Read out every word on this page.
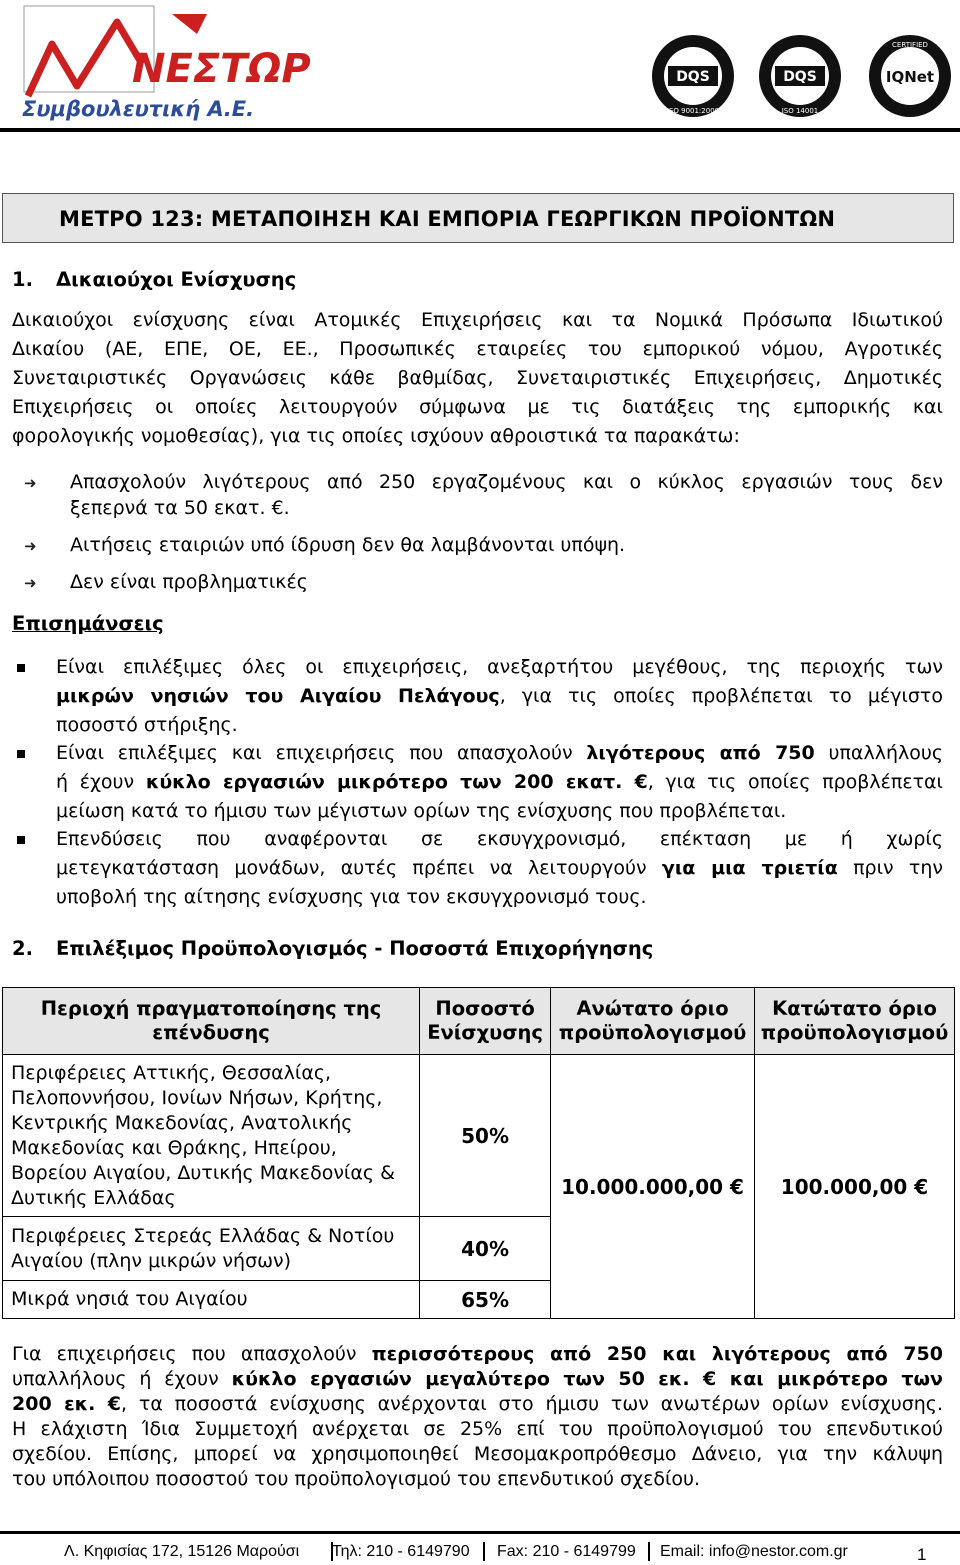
ΝΕΣΤΩΡ
Συμβουλευτική Α.Ε.
DQS
ISO 9001:2000
DQS
ISO 14001
IQNet
CERTIFIED
ΜΕΤΡΟ 123: ΜΕΤΑΠΟΙΗΣΗ ΚΑΙ ΕΜΠΟΡΙΑ ΓΕΩΡΓΙΚΩΝ ΠΡΟΪΟΝΤΩΝ
1. Δικαιούχοι Ενίσχυσης
Δικαιούχοι ενίσχυσης είναι Ατομικές Επιχειρήσεις και τα Νομικά Πρόσωπα Ιδιωτικού
Δικαίου (ΑΕ, ΕΠΕ, ΟΕ, ΕΕ., Προσωπικές εταιρείες του εμπορικού νόμου, Αγροτικές
Συνεταιριστικές Οργανώσεις κάθε βαθμίδας, Συνεταιριστικές Επιχειρήσεις, Δημοτικές
Επιχειρήσεις οι οποίες λειτουργούν σύμφωνα με τις διατάξεις της εμπορικής και
φορολογικής νομοθεσίας), για τις οποίες ισχύουν αθροιστικά τα παρακάτω:
➜ Απασχολούν λιγότερους από 250 εργαζομένους και ο κύκλος εργασιών τους δεν
ξεπερνά τα 50 εκατ. €.
➜ Αιτήσεις εταιριών υπό ίδρυση δεν θα λαμβάνονται υπόψη.
➜ Δεν είναι προβληματικές
Επισημάνσεις
Είναι επιλέξιμες όλες οι επιχειρήσεις, ανεξαρτήτου μεγέθους, της περιοχής των
μικρών νησιών του Αιγαίου Πελάγους, για τις οποίες προβλέπεται το μέγιστο
ποσοστό στήριξης.
Είναι επιλέξιμες και επιχειρήσεις που απασχολούν λιγότερους από 750 υπαλλήλους
ή έχουν κύκλο εργασιών μικρότερο των 200 εκατ. €, για τις οποίες προβλέπεται
μείωση κατά το ήμισυ των μέγιστων ορίων της ενίσχυσης που προβλέπεται.
Επενδύσεις που αναφέρονται σε εκσυγχρονισμό, επέκταση με ή χωρίς
μετεγκατάσταση μονάδων, αυτές πρέπει να λειτουργούν για μια τριετία πριν την
υποβολή της αίτησης ενίσχυσης για τον εκσυγχρονισμό τους.
2. Επιλέξιμος Προϋπολογισμός - Ποσοστά Επιχορήγησης
Περιοχή πραγματοποίησης της επένδυσης	Ποσοστό Ενίσχυσης	Ανώτατο όριο προϋπολογισμού	Κατώτατο όριο προϋπολογισμού
Περιφέρειες Αττικής, Θεσσαλίας, Πελοποννήσου, Ιονίων Νήσων, Κρήτης, Κεντρικής Μακεδονίας, Ανατολικής Μακεδονίας και Θράκης, Ηπείρου, Βορείου Αιγαίου, Δυτικής Μακεδονίας & Δυτικής Ελλάδας	50%	10.000.000,00 €	100.000,00 €
Περιφέρειες Στερεάς Ελλάδας & Νοτίου Αιγαίου (πλην μικρών νήσων)	40%		
Μικρά νησιά του Αιγαίου	65%		
Για επιχειρήσεις που απασχολούν περισσότερους από 250 και λιγότερους από 750
υπαλλήλους ή έχουν κύκλο εργασιών μεγαλύτερο των 50 εκ. € και μικρότερο των
200 εκ. €, τα ποσοστά ενίσχυσης ανέρχονται στο ήμισυ των ανωτέρων ορίων ενίσχυσης.
Η ελάχιστη Ίδια Συμμετοχή ανέρχεται σε 25% επί του προϋπολογισμού του επενδυτικού
σχεδίου. Επίσης, μπορεί να χρησιμοποιηθεί Μεσομακροπρόθεσμο Δάνειο, για την κάλυψη
του υπόλοιπου ποσοστού του προϋπολογισμού του επενδυτικού σχεδίου.
Λ. Κηφισίας 172, 15126 Μαρούσι Τηλ: 210 - 6149790 Fax: 210 - 6149799 Email: info@nestor.com.gr	1
